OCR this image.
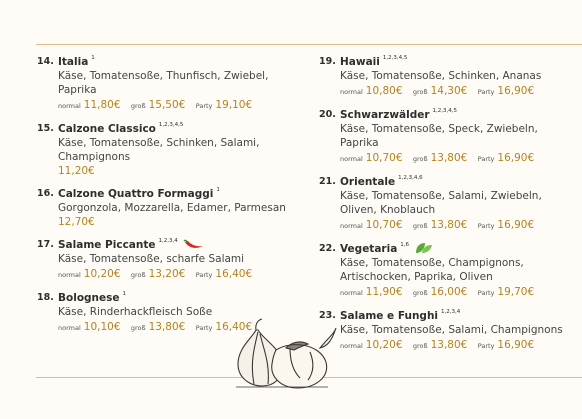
14. Italia 1
Käse, Tomatensoße, Thunfisch, Zwiebel, Paprika
normal 11,80€ groß 15,50€ Party 19,10€
15. Calzone Classico 1,2,3,4,5
Käse, Tomatensoße, Schinken, Salami, Champignons
11,20€
16. Calzone Quattro Formaggi 1
Gorgonzola, Mozzarella, Edamer, Parmesan
12,70€
17. Salame Piccante 1,2,3,4
Käse, Tomatensoße, scharfe Salami
normal 10,20€ groß 13,20€ Party 16,40€
18. Bolognese 1
Käse, Rinderhackfleisch Soße
normal 10,10€ groß 13,80€ Party 16,40€
19. Hawaii 1,2,3,4,5
Käse, Tomatensoße, Schinken, Ananas
normal 10,80€ groß 14,30€ Party 16,90€
20. Schwarzwälder 1,2,3,4,5
Käse, Tomatensoße, Speck, Zwiebeln, Paprika
normal 10,70€ groß 13,80€ Party 16,90€
21. Orientale 1,2,3,4,6
Käse, Tomatensoße, Salami, Zwiebeln, Oliven, Knoblauch
normal 10,70€ groß 13,80€ Party 16,90€
22. Vegetaria 1,6
Käse, Tomatensoße, Champignons, Artischocken, Paprika, Oliven
normal 11,90€ groß 16,00€ Party 19,70€
23. Salame e Funghi 1,2,3,4
Käse, Tomatensoße, Salami, Champignons
normal 10,20€ groß 13,80€ Party 16,90€
